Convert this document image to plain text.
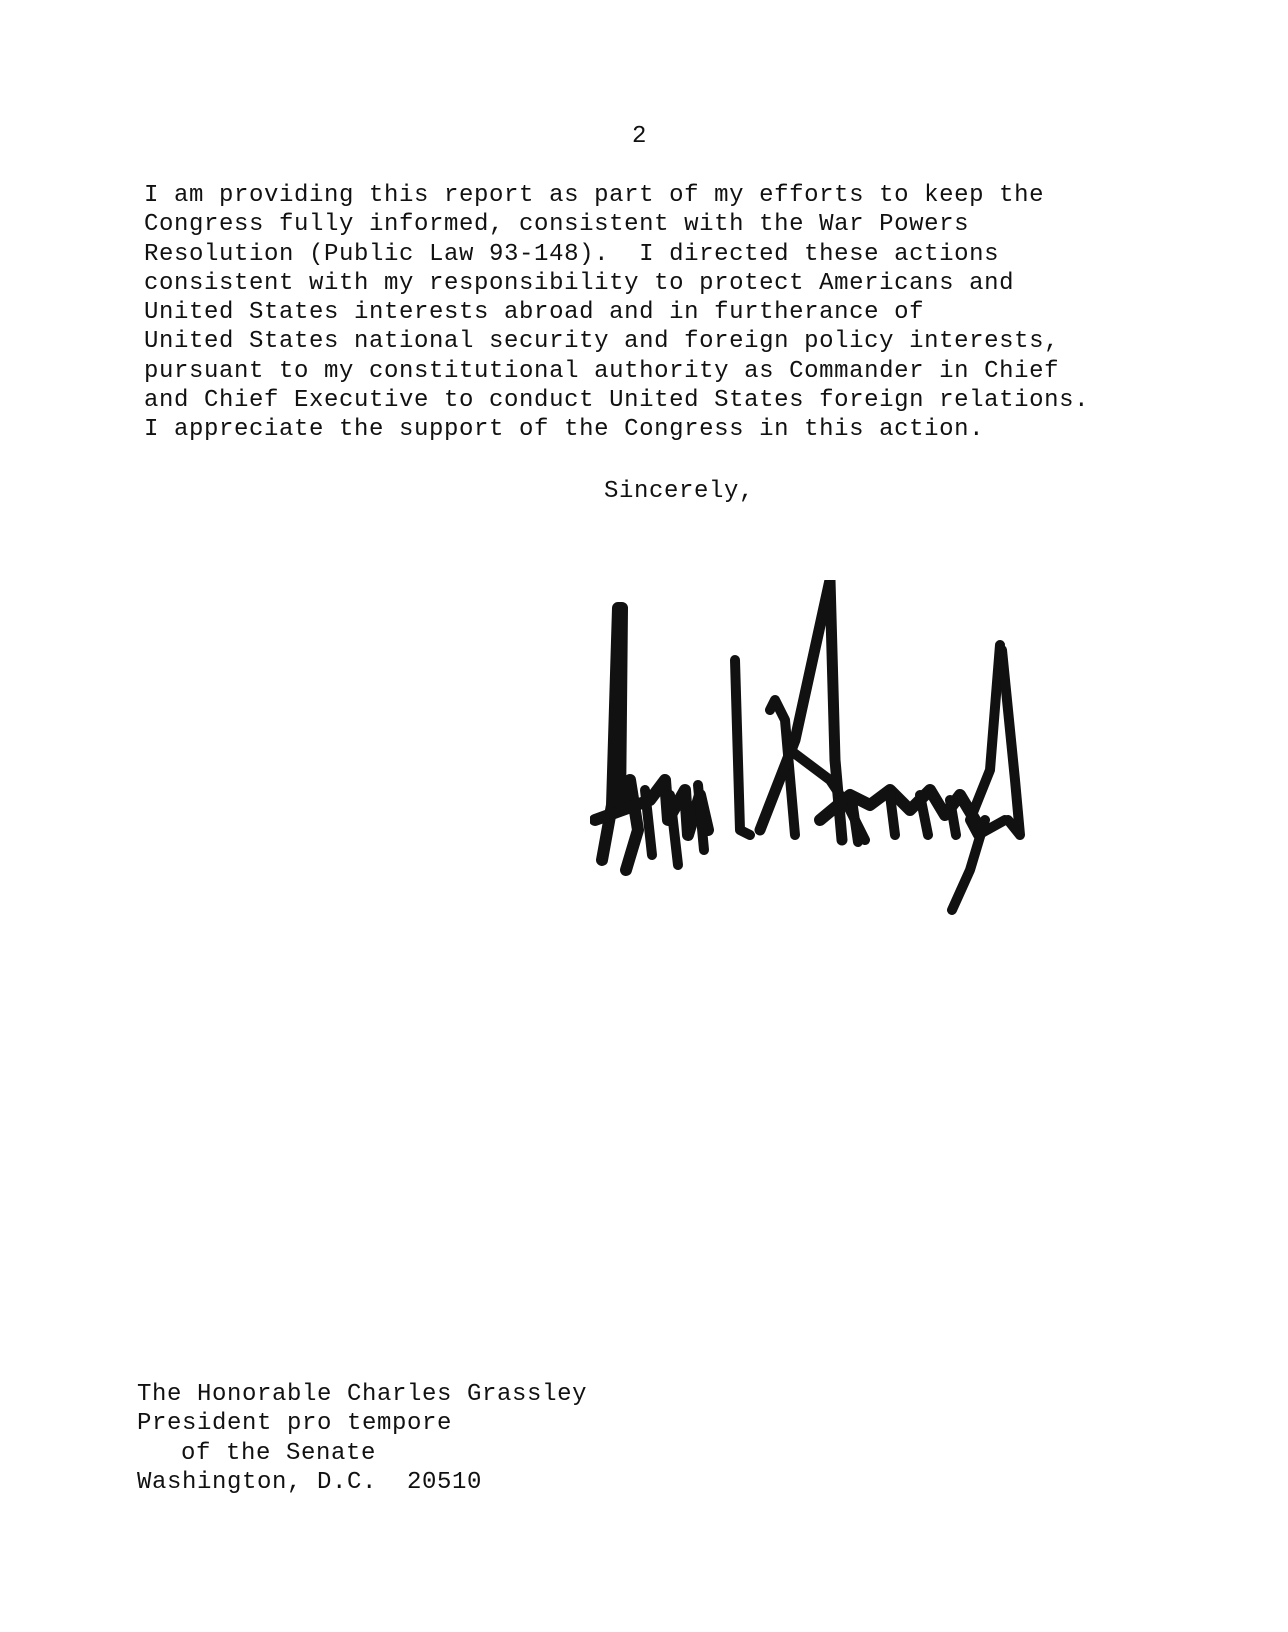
2
I am providing this report as part of my efforts to keep the
Congress fully informed, consistent with the War Powers
Resolution (Public Law 93-148).  I directed these actions
consistent with my responsibility to protect Americans and
United States interests abroad and in furtherance of
United States national security and foreign policy interests,
pursuant to my constitutional authority as Commander in Chief
and Chief Executive to conduct United States foreign relations.
I appreciate the support of the Congress in this action.
Sincerely,
The Honorable Charles Grassley
President pro tempore
of the Senate
Washington, D.C.  20510
